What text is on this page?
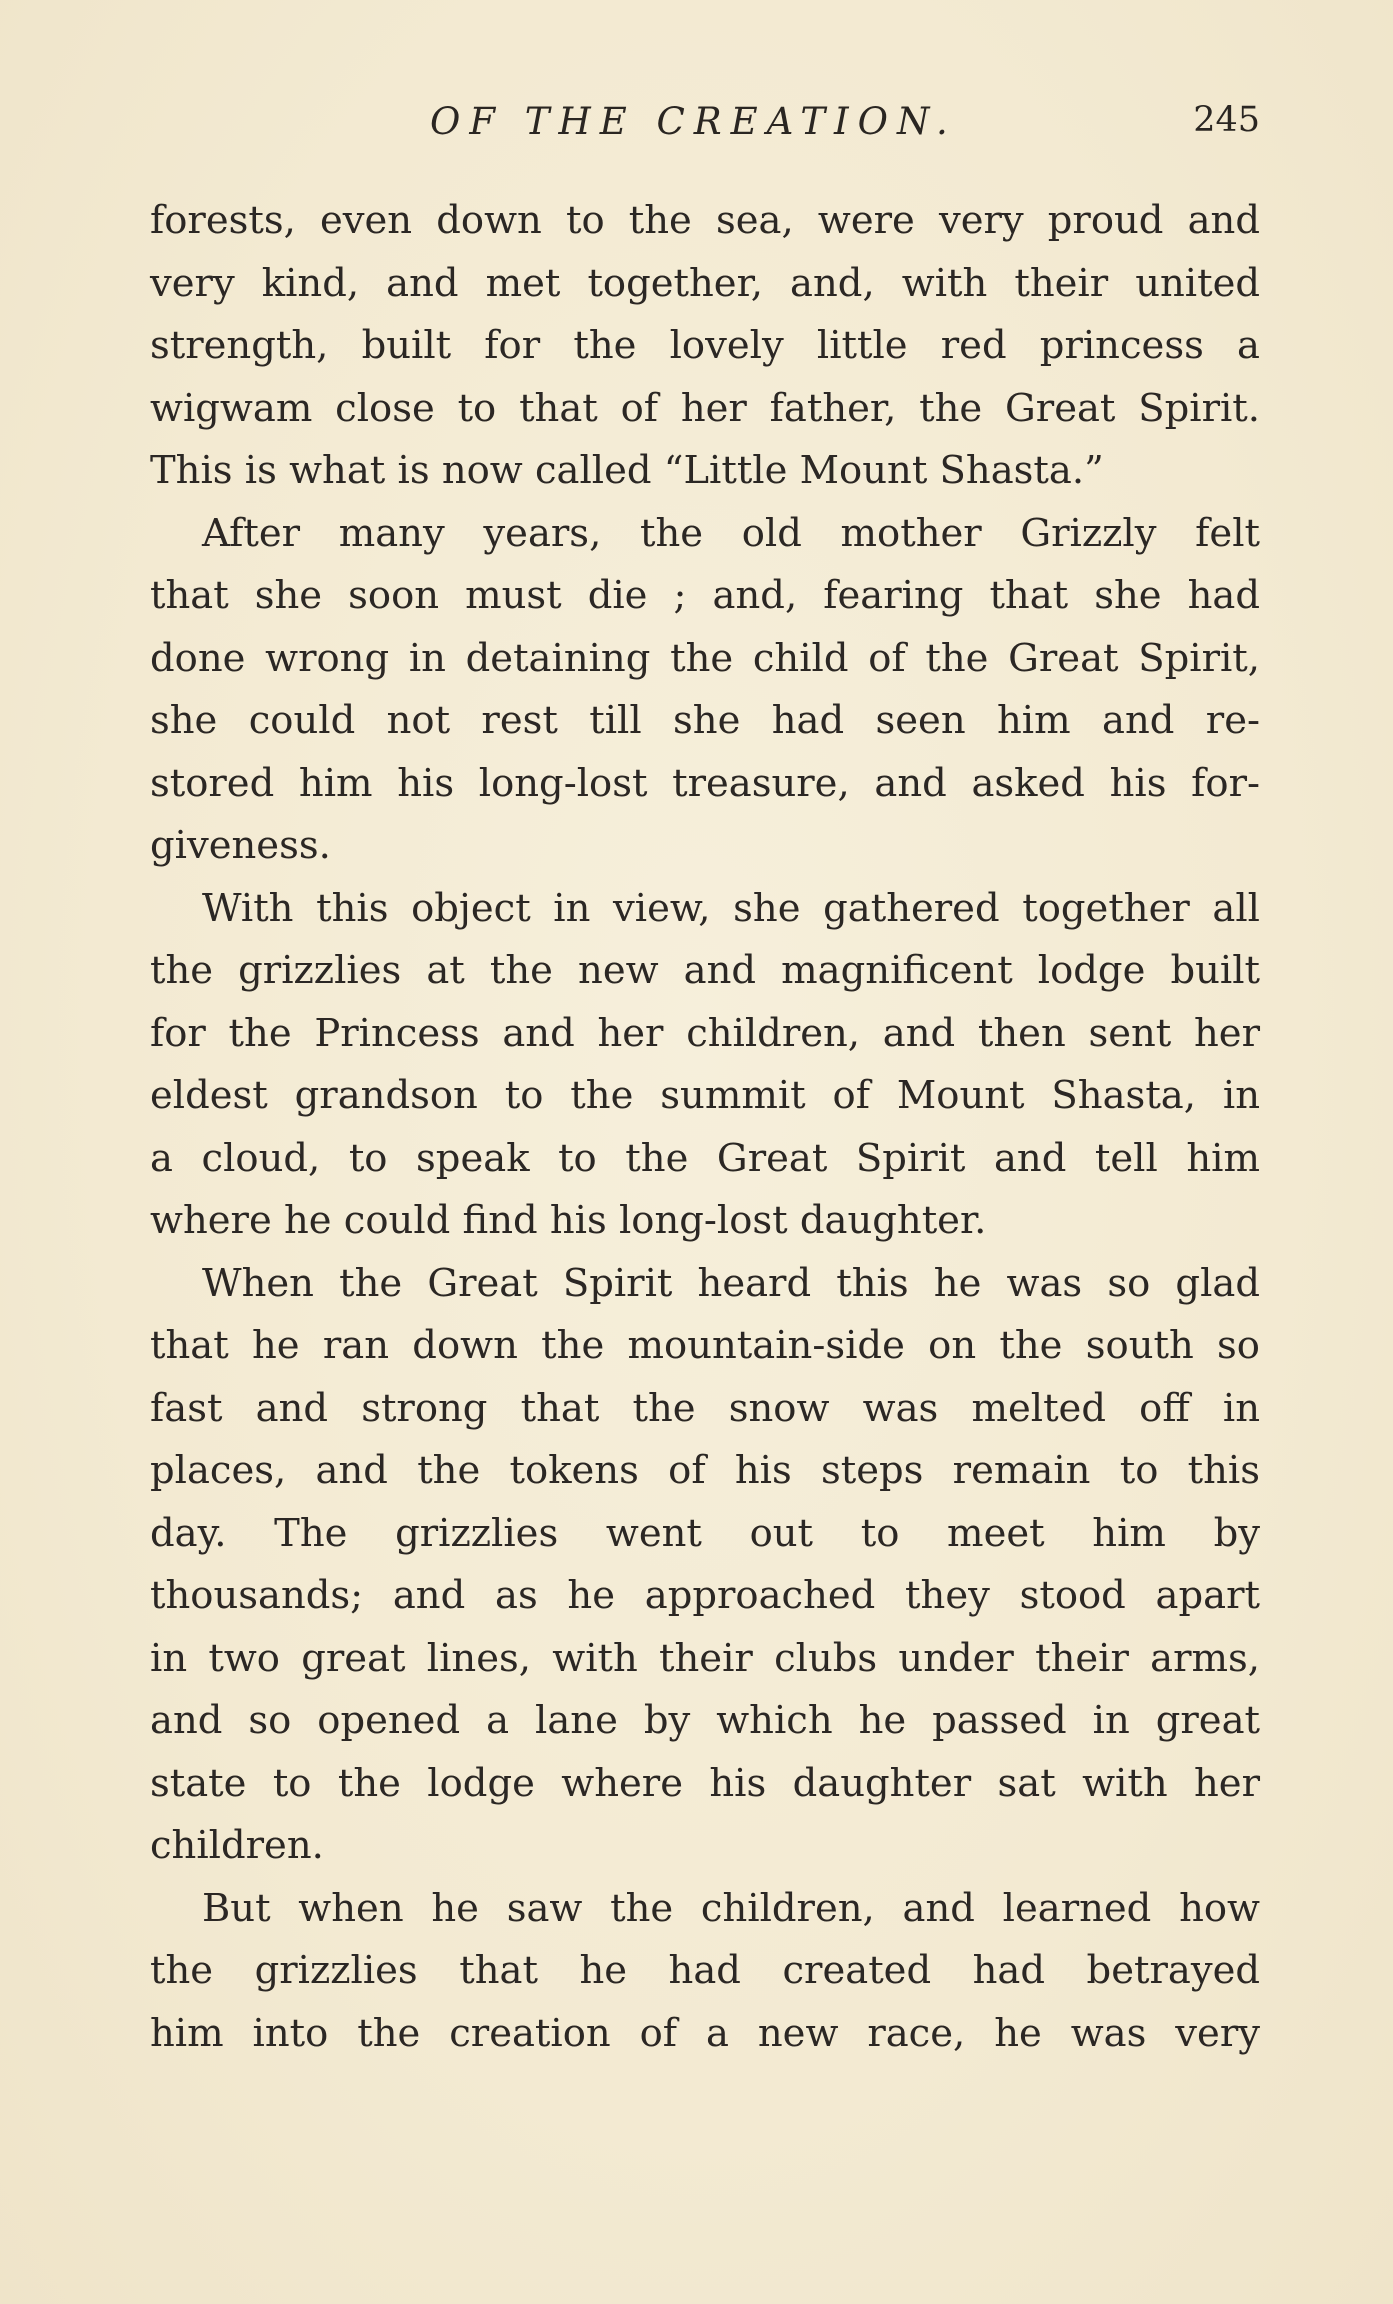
OF THE CREATION.	245
forests, even down to the sea, were very proud and
very kind, and met together, and, with their united
strength, built for the lovely little red princess a
wigwam close to that of her father, the Great Spirit.
This is what is now called “Little Mount Shasta.”
After many years, the old mother Grizzly felt
that she soon must die ; and, fearing that she had
done wrong in detaining the child of the Great Spirit,
she could not rest till she had seen him and re-
stored him his long-lost treasure, and asked his for-
giveness.
With this object in view, she gathered together all
the grizzlies at the new and magnificent lodge built
for the Princess and her children, and then sent her
eldest grandson to the summit of Mount Shasta, in
a cloud, to speak to the Great Spirit and tell him
where he could find his long-lost daughter.
When the Great Spirit heard this he was so glad
that he ran down the mountain-side on the south so
fast and strong that the snow was melted off in
places, and the tokens of his steps remain to this
day. The grizzlies went out to meet him by
thousands; and as he approached they stood apart
in two great lines, with their clubs under their arms,
and so opened a lane by which he passed in great
state to the lodge where his daughter sat with her
children.
But when he saw the children, and learned how
the grizzlies that he had created had betrayed
him into the creation of a new race, he was very
